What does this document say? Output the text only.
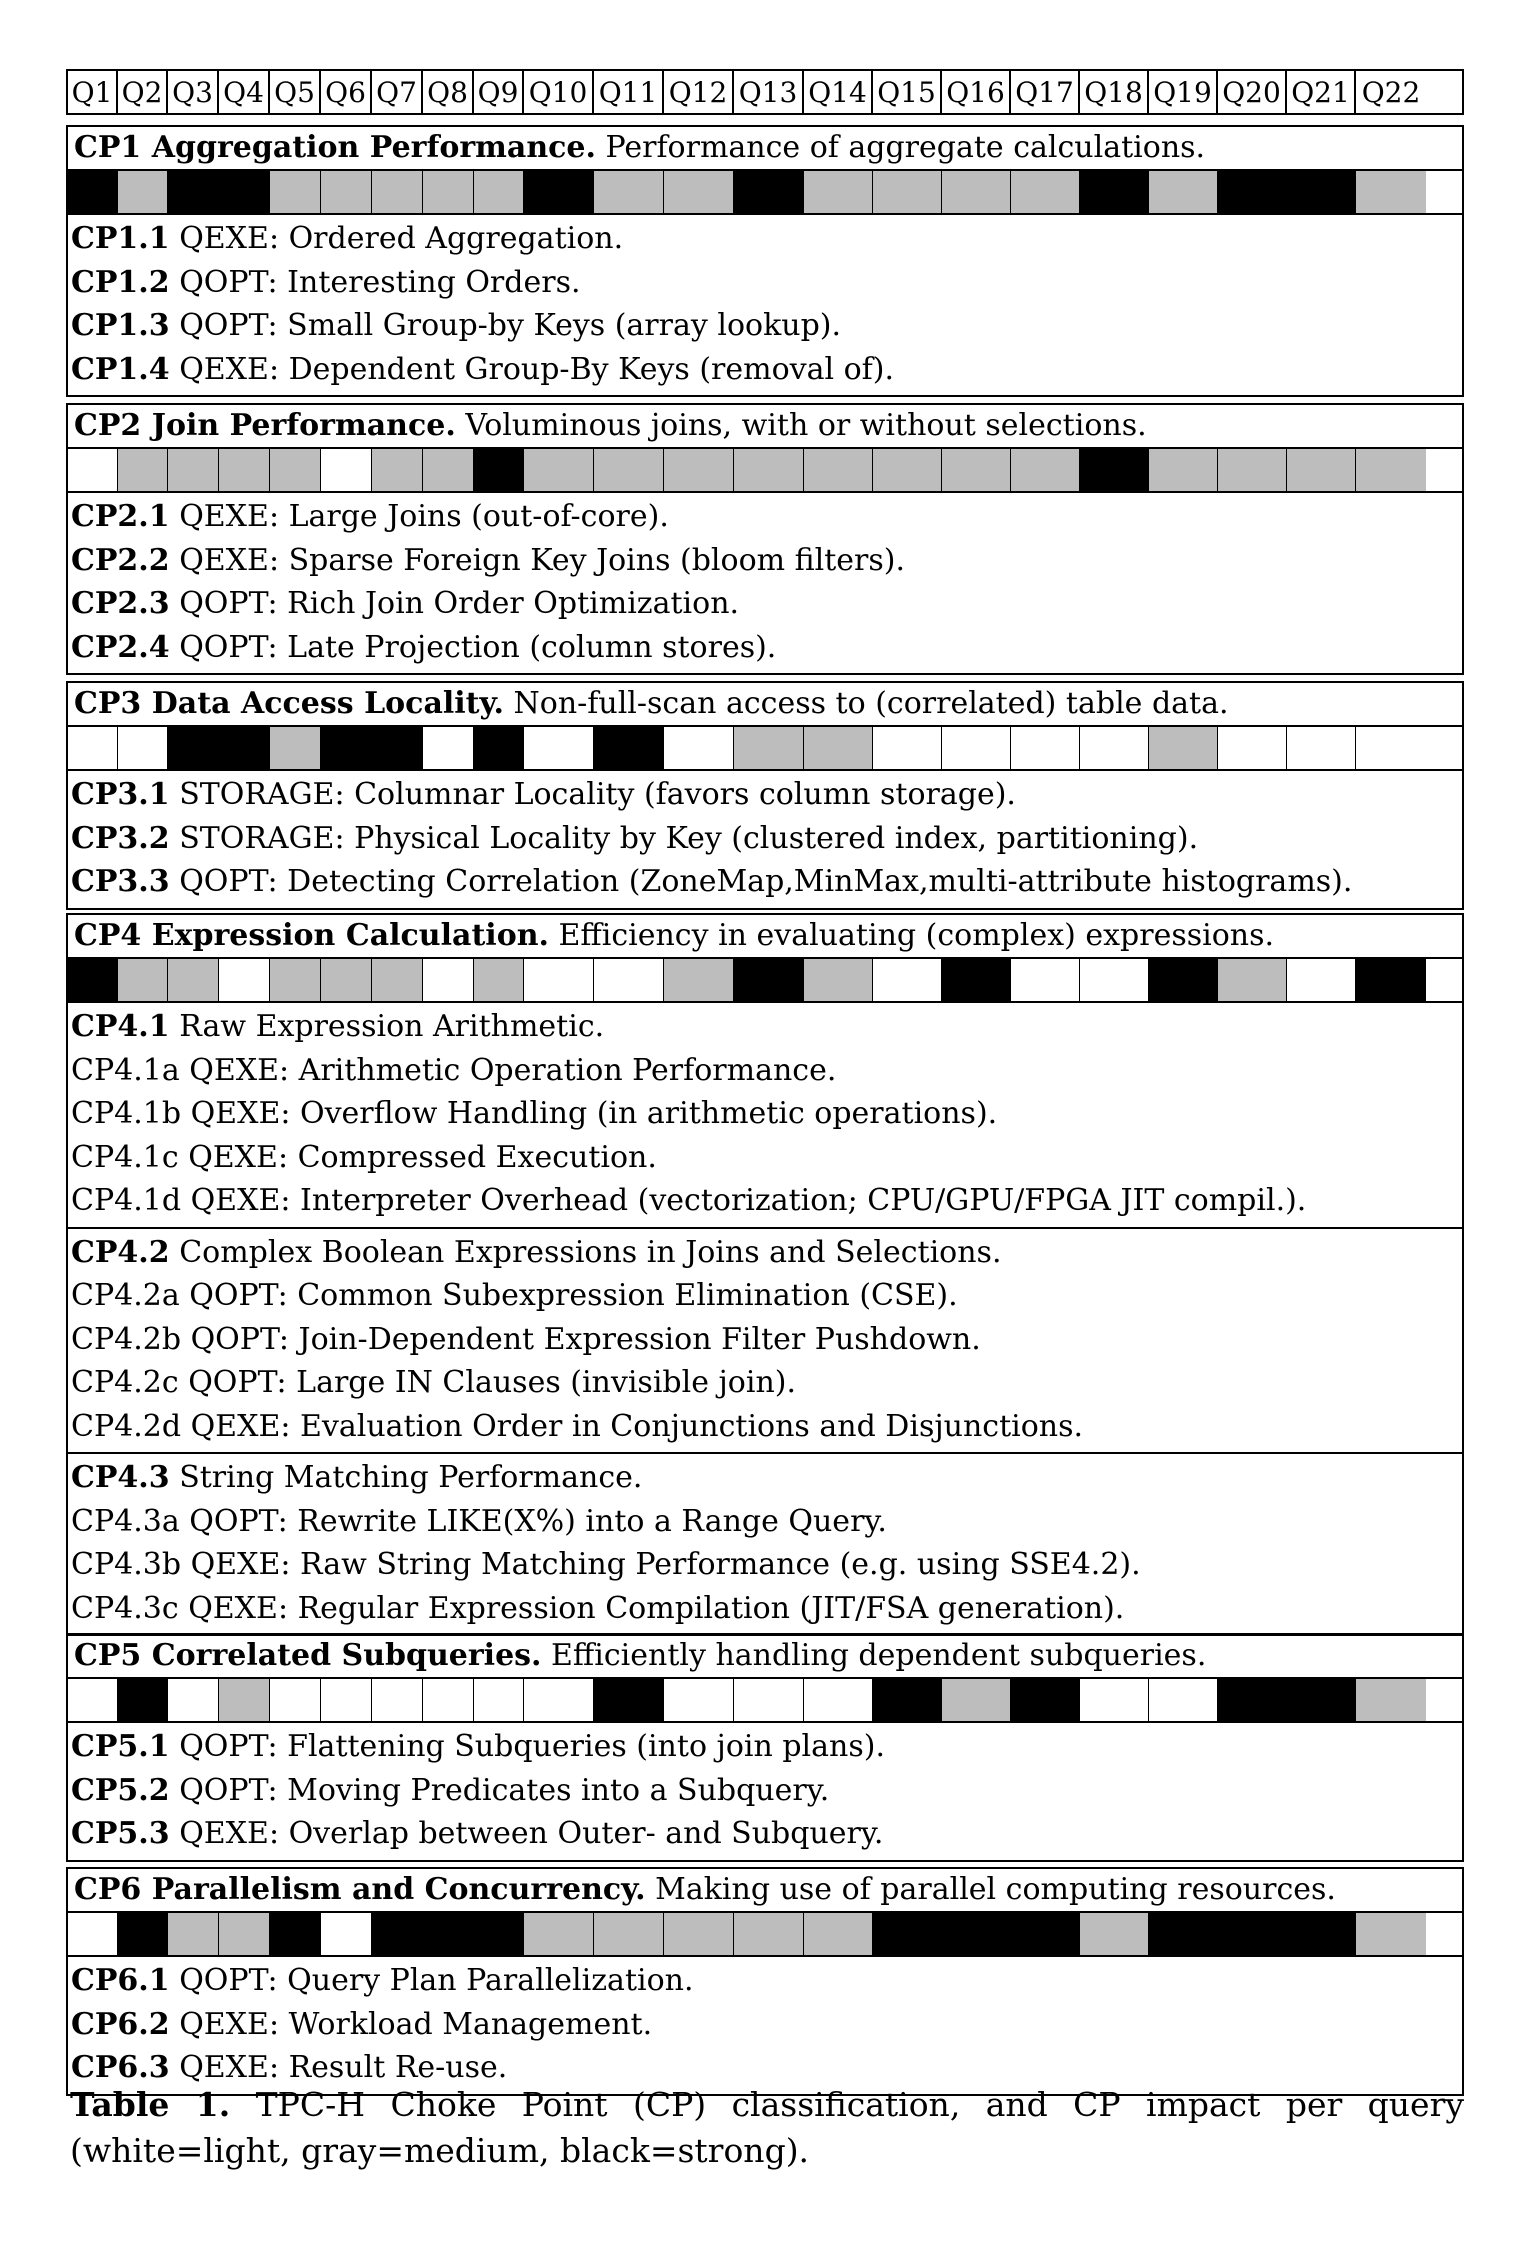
Q1 Q2 Q3 Q4 Q5 Q6 Q7 Q8 Q9 Q10 Q11 Q12 Q13 Q14 Q15 Q16 Q17 Q18 Q19 Q20 Q21 Q22
CP1 Aggregation Performance. Performance of aggregate calculations.
CP1.1 QEXE: Ordered Aggregation.
CP1.2 QOPT: Interesting Orders.
CP1.3 QOPT: Small Group-by Keys (array lookup).
CP1.4 QEXE: Dependent Group-By Keys (removal of).
CP2 Join Performance. Voluminous joins, with or without selections.
CP2.1 QEXE: Large Joins (out-of-core).
CP2.2 QEXE: Sparse Foreign Key Joins (bloom filters).
CP2.3 QOPT: Rich Join Order Optimization.
CP2.4 QOPT: Late Projection (column stores).
CP3 Data Access Locality. Non-full-scan access to (correlated) table data.
CP3.1 STORAGE: Columnar Locality (favors column storage).
CP3.2 STORAGE: Physical Locality by Key (clustered index, partitioning).
CP3.3 QOPT: Detecting Correlation (ZoneMap,MinMax,multi-attribute histograms).
CP4 Expression Calculation. Efficiency in evaluating (complex) expressions.
CP4.1 Raw Expression Arithmetic.
CP4.1a QEXE: Arithmetic Operation Performance.
CP4.1b QEXE: Overflow Handling (in arithmetic operations).
CP4.1c QEXE: Compressed Execution.
CP4.1d QEXE: Interpreter Overhead (vectorization; CPU/GPU/FPGA JIT compil.).
CP4.2 Complex Boolean Expressions in Joins and Selections.
CP4.2a QOPT: Common Subexpression Elimination (CSE).
CP4.2b QOPT: Join-Dependent Expression Filter Pushdown.
CP4.2c QOPT: Large IN Clauses (invisible join).
CP4.2d QEXE: Evaluation Order in Conjunctions and Disjunctions.
CP4.3 String Matching Performance.
CP4.3a QOPT: Rewrite LIKE(X%) into a Range Query.
CP4.3b QEXE: Raw String Matching Performance (e.g. using SSE4.2).
CP4.3c QEXE: Regular Expression Compilation (JIT/FSA generation).
CP5 Correlated Subqueries. Efficiently handling dependent subqueries.
CP5.1 QOPT: Flattening Subqueries (into join plans).
CP5.2 QOPT: Moving Predicates into a Subquery.
CP5.3 QEXE: Overlap between Outer- and Subquery.
CP6 Parallelism and Concurrency. Making use of parallel computing resources.
CP6.1 QOPT: Query Plan Parallelization.
CP6.2 QEXE: Workload Management.
CP6.3 QEXE: Result Re-use.
Table 1. TPC-H Choke Point (CP) classification, and CP impact per query (white=light, gray=medium, black=strong).
